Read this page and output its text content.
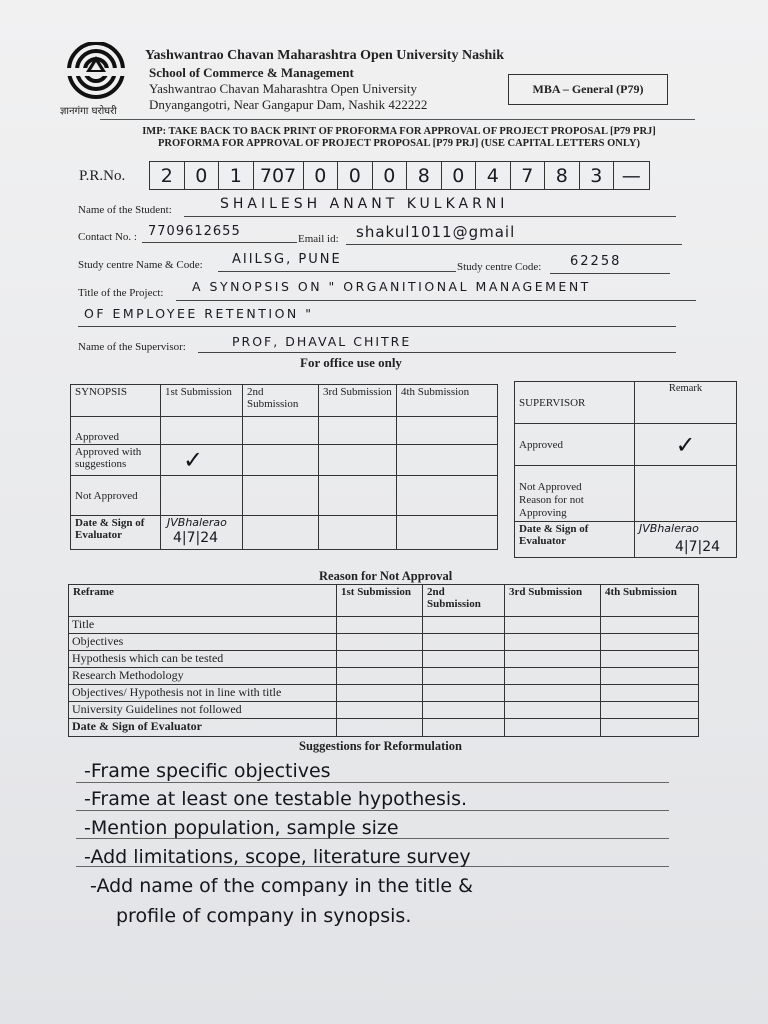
ज्ञानगंगा घरोघरी
Yashwantrao Chavan Maharashtra Open University Nashik
School of Commerce & Management
Yashwantrao Chavan Maharashtra Open University
Dnyangangotri, Near Gangapur Dam, Nashik 422222
MBA – General (P79)
IMP: TAKE BACK TO BACK PRINT OF PROFORMA FOR APPROVAL OF PROJECT PROPOSAL [P79 PRJ]
PROFORMA FOR APPROVAL OF PROJECT PROPOSAL [P79 PRJ] (USE CAPITAL LETTERS ONLY)
P.R.No. 2 0 1 7 0 7 0 0 0 8 0 4 7 8 3 —
Name of the Student:	SHAILESH ANANT KULKARNI
Contact No. : 7709612655	Email id: shakul1011@gmail
Study centre Name & Code: AIILSG, PUNE	Study centre Code: 62258
Title of the Project: A SYNOPSIS ON " ORGANITIONAL MANAGEMENT
OF EMPLOYEE RETENTION "
Name of the Supervisor:	PROF, DHAVAL CHITRE
For office use only
SYNOPSIS	1st Submission	2nd Submission	3rd Submission	4th Submission
Approved				
Approved with suggestions	✓			
Not Approved				
Date & Sign of Evaluator	JVBhalerao
4|7|24			

SUPERVISOR	Remark
Approved	✓

Not Approved
Reason for not Approving	

Date & Sign of Evaluator	JVBhalerao
4|7|24
Reason for Not Approval
Reframe	1st Submission	2nd Submission	3rd Submission	4th Submission
Title				
Objectives				
Hypothesis which can be tested				
Research Methodology				
Objectives/ Hypothesis not in line with title				
University Guidelines not followed				
Date & Sign of Evaluator				
Suggestions for Reformulation
-Frame specific objectives
-Frame at least one testable hypothesis.
-Mention population, sample size
-Add limitations, scope, literature survey
-Add name of the company in the title &
profile of company in synopsis.
